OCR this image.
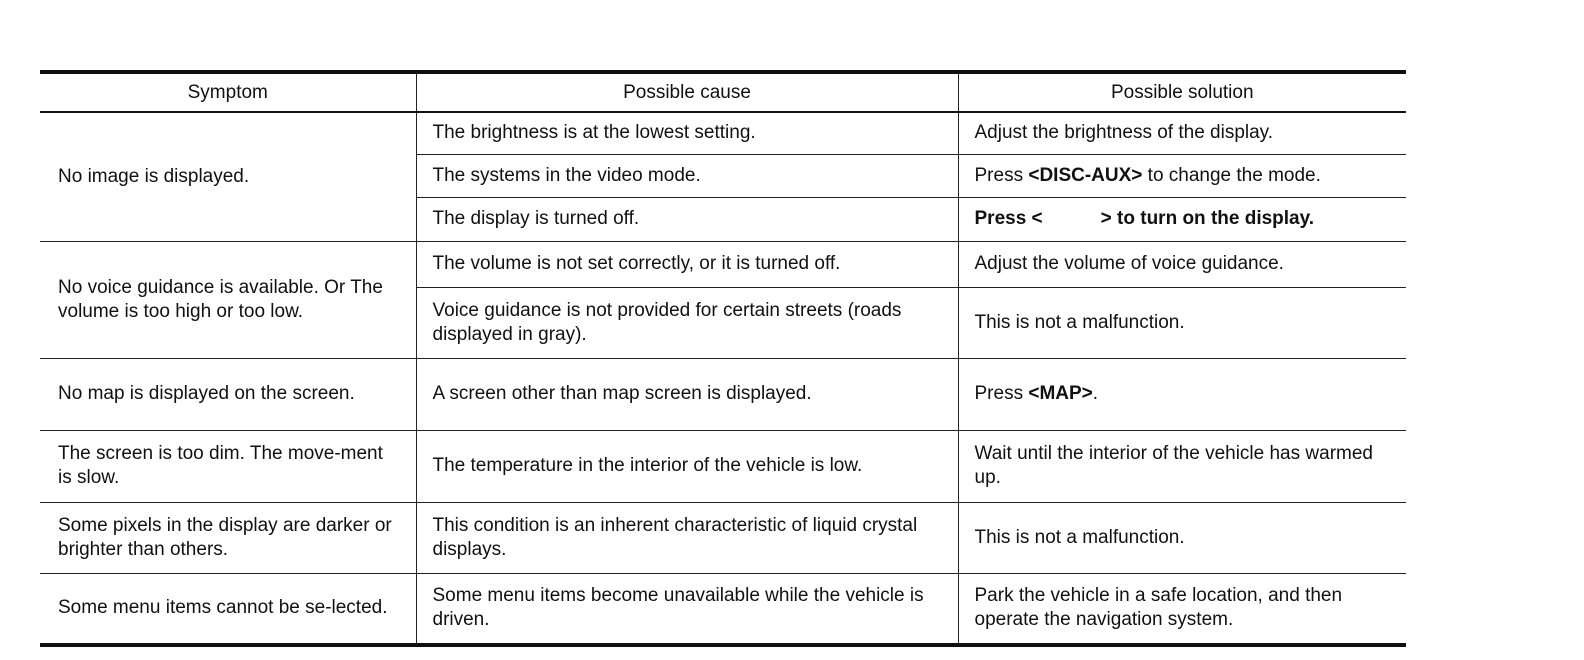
Symptom	Possible cause	Possible solution
No image is displayed.	The brightness is at the lowest setting.	Adjust the brightness of the display.
	The systems in the video mode.	Press <DISC-AUX> to change the mode.
	The display is turned off.	Press < > to turn on the display.
No voice guidance is available. Or The volume is too high or too low.	The volume is not set correctly, or it is turned off.	Adjust the volume of voice guidance.
	Voice guidance is not provided for certain streets (roads displayed in gray).	This is not a malfunction.
No map is displayed on the screen.	A screen other than map screen is displayed.	Press <MAP>.
The screen is too dim. The move-ment is slow.	The temperature in the interior of the vehicle is low.	Wait until the interior of the vehicle has warmed up.
Some pixels in the display are darker or brighter than others.	This condition is an inherent characteristic of liquid crystal displays.	This is not a malfunction.
Some menu items cannot be se-lected.	Some menu items become unavailable while the vehicle is driven.	Park the vehicle in a safe location, and then operate the navigation system.
